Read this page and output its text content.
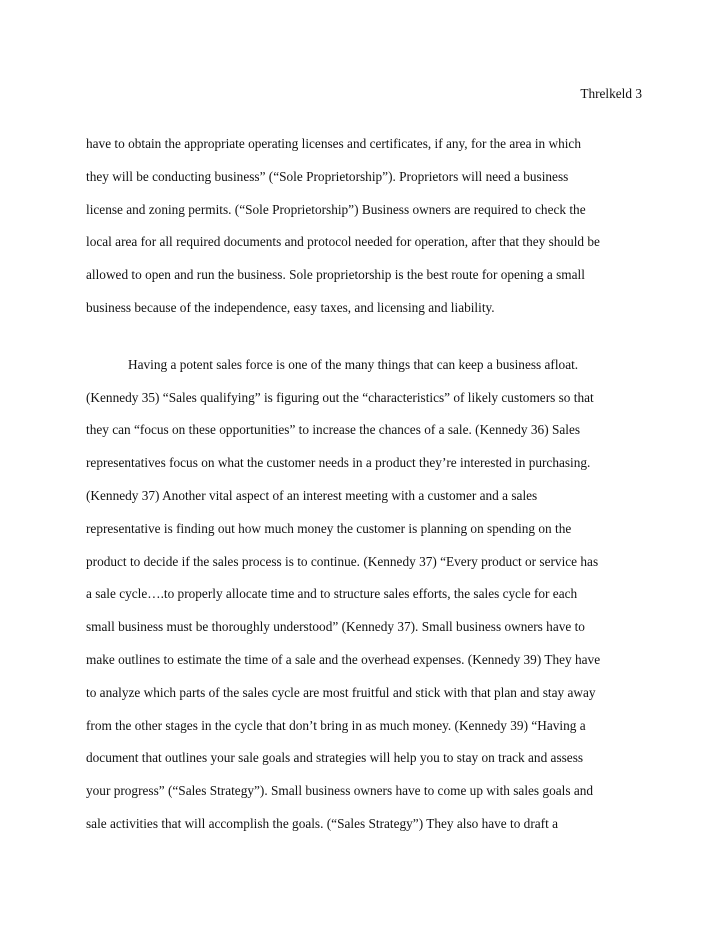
Threlkeld 3

have to obtain the appropriate operating licenses and certificates, if any, for the area in which
they will be conducting business” (“Sole Proprietorship”). Proprietors will need a business
license and zoning permits. (“Sole Proprietorship”) Business owners are required to check the
local area for all required documents and protocol needed for operation, after that they should be
allowed to open and run the business. Sole proprietorship is the best route for opening a small
business because of the independence, easy taxes, and licensing and liability.

Having a potent sales force is one of the many things that can keep a business afloat.
(Kennedy 35) “Sales qualifying” is figuring out the “characteristics” of likely customers so that
they can “focus on these opportunities” to increase the chances of a sale. (Kennedy 36) Sales
representatives focus on what the customer needs in a product they’re interested in purchasing.
(Kennedy 37) Another vital aspect of an interest meeting with a customer and a sales
representative is finding out how much money the customer is planning on spending on the
product to decide if the sales process is to continue. (Kennedy 37) “Every product or service has
a sale cycle….to properly allocate time and to structure sales efforts, the sales cycle for each
small business must be thoroughly understood” (Kennedy 37). Small business owners have to
make outlines to estimate the time of a sale and the overhead expenses. (Kennedy 39) They have
to analyze which parts of the sales cycle are most fruitful and stick with that plan and stay away
from the other stages in the cycle that don’t bring in as much money. (Kennedy 39) “Having a
document that outlines your sale goals and strategies will help you to stay on track and assess
your progress” (“Sales Strategy”). Small business owners have to come up with sales goals and
sale activities that will accomplish the goals. (“Sales Strategy”) They also have to draft a
